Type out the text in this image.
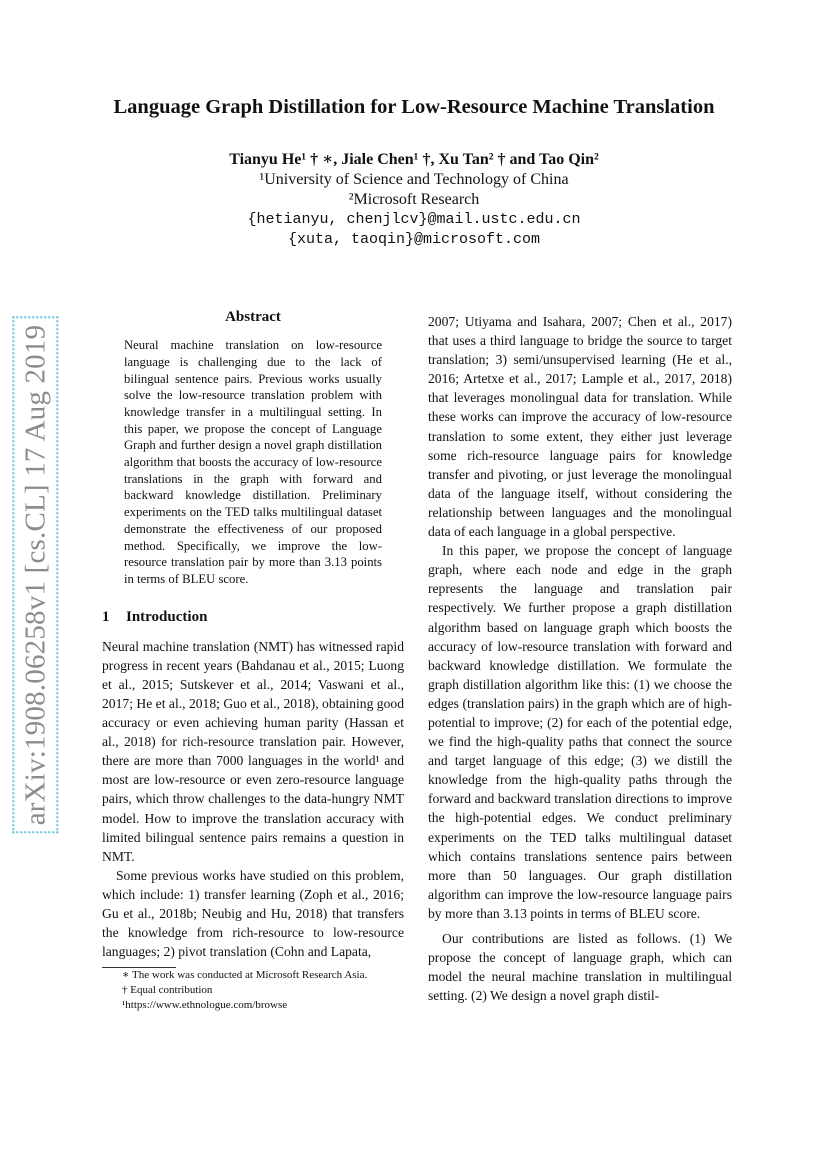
arXiv:1908.06258v1 [cs.CL] 17 Aug 2019
Language Graph Distillation for Low-Resource Machine Translation
Tianyu He¹ † ∗, Jiale Chen¹ †, Xu Tan² † and Tao Qin²
¹University of Science and Technology of China
²Microsoft Research
{hetianyu, chenjlcv}@mail.ustc.edu.cn
{xuta, taoqin}@microsoft.com
Abstract

Neural machine translation on low-resource language is challenging due to the lack of bilingual sentence pairs. Previous works usually solve the low-resource translation problem with knowledge transfer in a multilingual setting. In this paper, we propose the concept of Language Graph and further design a novel graph distillation algorithm that boosts the accuracy of low-resource translations in the graph with forward and backward knowledge distillation. Preliminary experiments on the TED talks multilingual dataset demonstrate the effectiveness of our proposed method. Specifically, we improve the low-resource translation pair by more than 3.13 points in terms of BLEU score.

1 Introduction

Neural machine translation (NMT) has witnessed rapid progress in recent years (Bahdanau et al., 2015; Luong et al., 2015; Sutskever et al., 2014; Vaswani et al., 2017; He et al., 2018; Guo et al., 2018), obtaining good accuracy or even achieving human parity (Hassan et al., 2018) for rich-resource translation pair. However, there are more than 7000 languages in the world¹ and most are low-resource or even zero-resource language pairs, which throw challenges to the data-hungry NMT model. How to improve the translation accuracy with limited bilingual sentence pairs remains a question in NMT.

Some previous works have studied on this problem, which include: 1) transfer learning (Zoph et al., 2016; Gu et al., 2018b; Neubig and Hu, 2018) that transfers the knowledge from rich-resource to low-resource languages; 2) pivot translation (Cohn and Lapata,

∗ The work was conducted at Microsoft Research Asia.
† Equal contribution
¹https://www.ethnologue.com/browse

2007; Utiyama and Isahara, 2007; Chen et al., 2017) that uses a third language to bridge the source to target translation; 3) semi/unsupervised learning (He et al., 2016; Artetxe et al., 2017; Lample et al., 2017, 2018) that leverages monolingual data for translation. While these works can improve the accuracy of low-resource translation to some extent, they either just leverage some rich-resource language pairs for knowledge transfer and pivoting, or just leverage the monolingual data of the language itself, without considering the relationship between languages and the monolingual data of each language in a global perspective.

In this paper, we propose the concept of language graph, where each node and edge in the graph represents the language and translation pair respectively. We further propose a graph distillation algorithm based on language graph which boosts the accuracy of low-resource translation with forward and backward knowledge distillation. We formulate the graph distillation algorithm like this: (1) we choose the edges (translation pairs) in the graph which are of high-potential to improve; (2) for each of the potential edge, we find the high-quality paths that connect the source and target language of this edge; (3) we distill the knowledge from the high-quality paths through the forward and backward translation directions to improve the high-potential edges. We conduct preliminary experiments on the TED talks multilingual dataset which contains translations sentence pairs between more than 50 languages. Our graph distillation algorithm can improve the low-resource language pairs by more than 3.13 points in terms of BLEU score.

Our contributions are listed as follows. (1) We propose the concept of language graph, which can model the neural machine translation in multilingual setting. (2) We design a novel graph distil-
